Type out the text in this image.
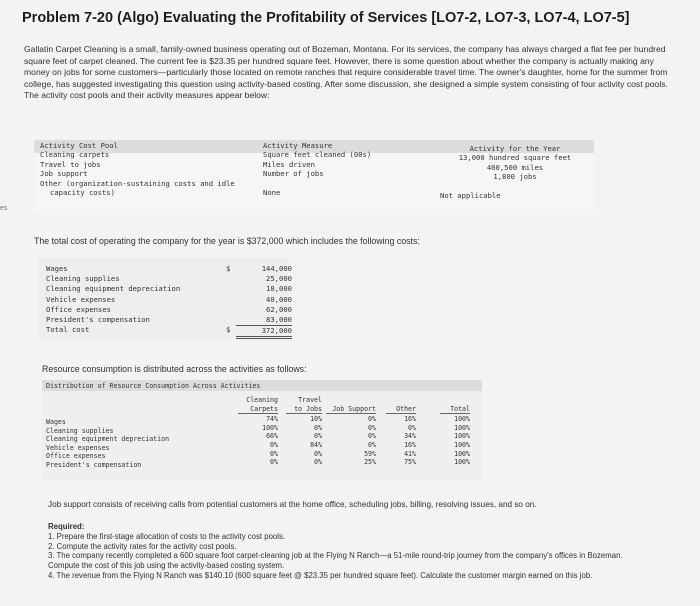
Problem 7-20 (Algo) Evaluating the Profitability of Services [LO7-2, LO7-3, LO7-4, LO7-5]
Gallatin Carpet Cleaning is a small, family-owned business operating out of Bozeman, Montana. For its services, the company has always charged a flat fee per hundred square feet of carpet cleaned. The current fee is $23.35 per hundred square feet. However, there is some question about whether the company is actually making any money on jobs for some customers—particularly those located on remote ranches that require considerable travel time. The owner's daughter, home for the summer from college, has suggested investigating this question using activity-based costing. After some discussion, she designed a simple system consisting of four activity cost pools. The activity cost pools and their activity measures appear below:
Activity Cost Pool
Cleaning carpets
Travel to jobs
Job support
Other (organization-sustaining costs and idle
capacity costs)
Activity Measure
Square feet cleaned (00s)
Miles driven
Number of jobs
None
Activity for the Year
13,000 hundred square feet
400,500 miles
1,800 jobs
Not applicable
es
The total cost of operating the company for the year is $372,000 which includes the following costs:
Wages
Cleaning supplies
Cleaning equipment depreciation
Vehicle expenses
Office expenses
President's compensation
Total cost
$
$
144,000
25,000
18,000
40,000
62,000
83,000
372,000
Resource consumption is distributed across the activities as follows:
Distribution of Resource Consumption Across Activities
Wages
Cleaning supplies
Cleaning equipment depreciation
Vehicle expenses
Office expenses
President's compensation
Cleaning
Carpets
74%
100%
66%
0%
0%
0%
Travel
to Jobs
10%
0%
0%
84%
0%
0%
Job Support
0%
0%
0%
0%
59%
25%
Other
16%
0%
34%
16%
41%
75%
Total
100%
100%
100%
100%
100%
100%
Job support consists of receiving calls from potential customers at the home office, scheduling jobs, billing, resolving issues, and so on.
Required:
1. Prepare the first-stage allocation of costs to the activity cost pools.
2. Compute the activity rates for the activity cost pools.
3. The company recently completed a 600 square foot carpet-cleaning job at the Flying N Ranch—a 51-mile round-trip journey from the company's offices in Bozeman. Compute the cost of this job using the activity-based costing system.
4. The revenue from the Flying N Ranch was $140.10 (600 square feet @ $23.35 per hundred square feet). Calculate the customer margin earned on this job.
